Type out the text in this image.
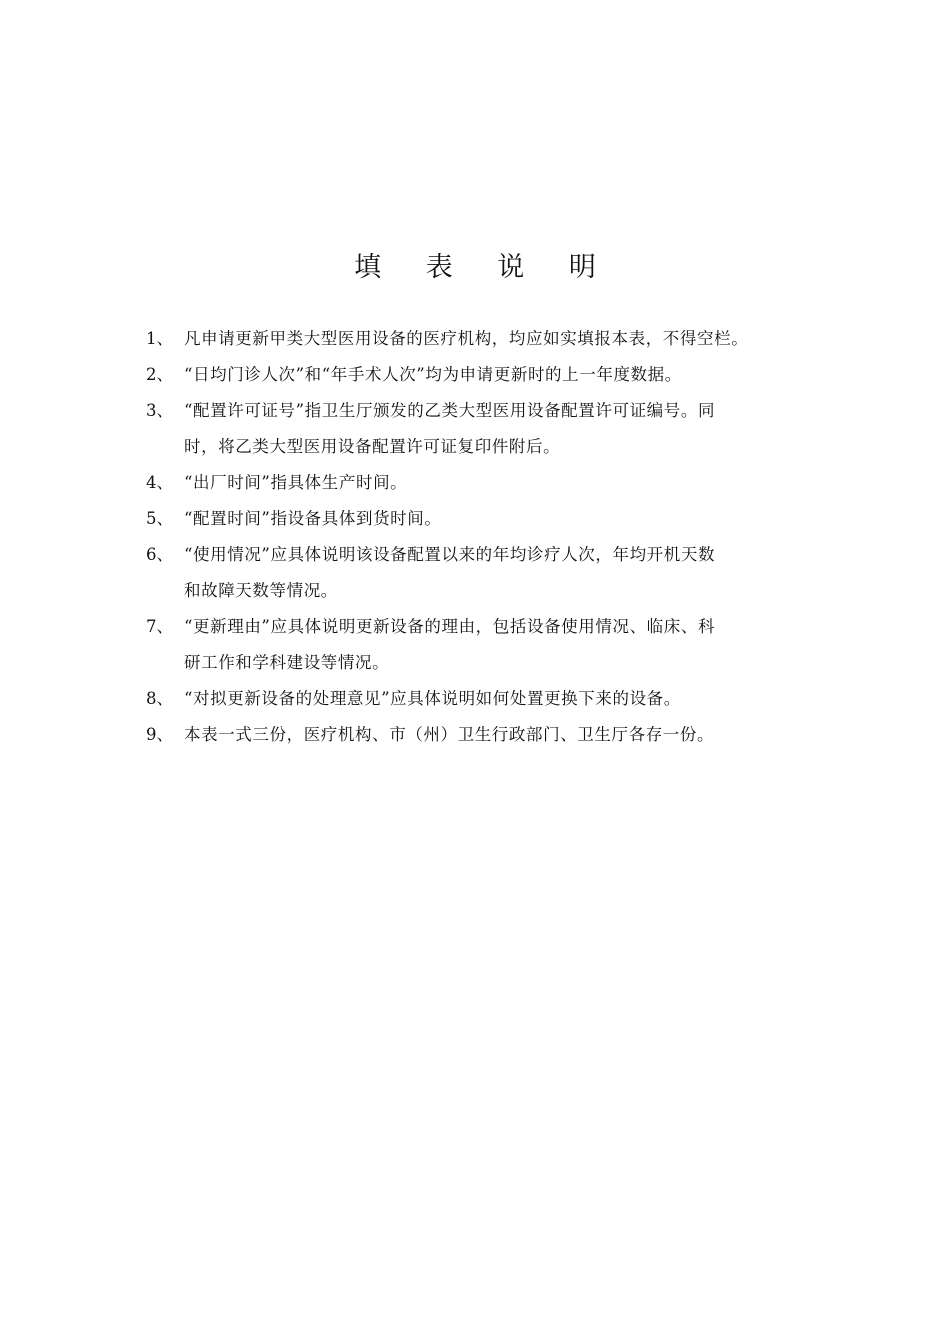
填 表 说 明
1、 凡申请更新甲类大型医用设备的医疗机构，均应如实填报本表，不得空栏。
2、 “日均门诊人次”和“年手术人次”均为申请更新时的上一年度数据。
3、 “配置许可证号”指卫生厅颁发的乙类大型医用设备配置许可证编号。同
时，将乙类大型医用设备配置许可证复印件附后。
4、 “出厂时间”指具体生产时间。
5、 “配置时间”指设备具体到货时间。
6、 “使用情况”应具体说明该设备配置以来的年均诊疗人次，年均开机天数
和故障天数等情况。
7、 “更新理由”应具体说明更新设备的理由，包括设备使用情况、临床、科
研工作和学科建设等情况。
8、 “对拟更新设备的处理意见”应具体说明如何处置更换下来的设备。
9、 本表一式三份，医疗机构、市（州）卫生行政部门、卫生厅各存一份。
